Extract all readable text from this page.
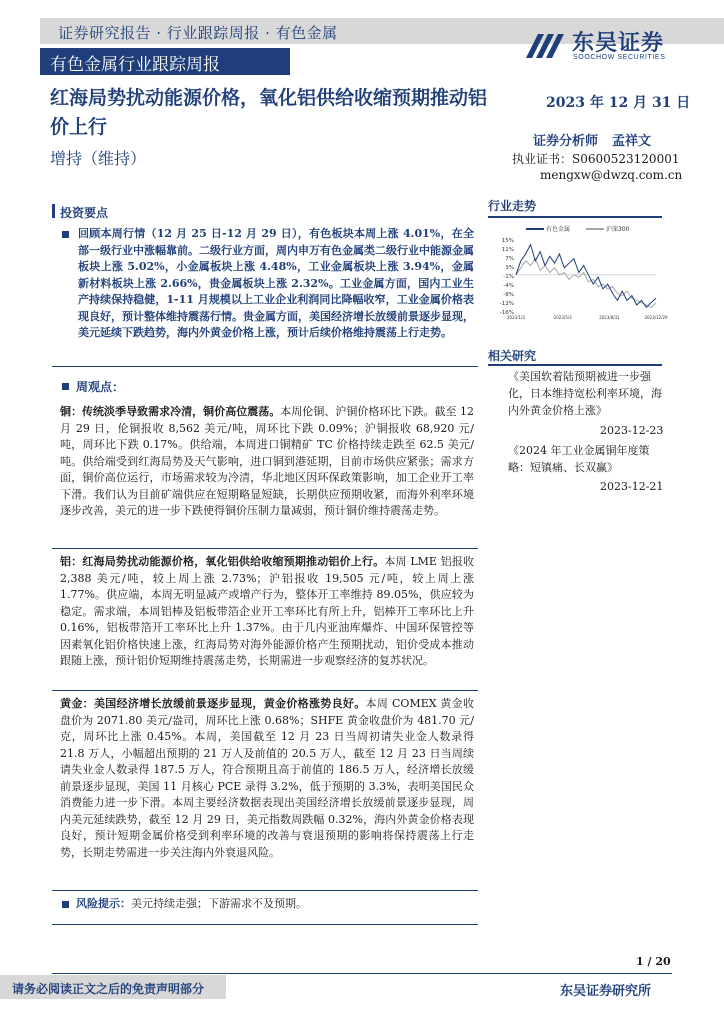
证券研究报告 · 行业跟踪周报 · 有色金属	东吴证券
SOOCHOW SECURITIES
有色金属行业跟踪周报
红海局势扰动能源价格，氧化铝供给收缩预期推动铝价上行
增持（维持）
2023 年 12 月 31 日
证券分析师 孟祥文
执业证书：S0600523120001
mengxw@dwzq.com.cn
投资要点
回顾本周行情（12 月 25 日-12 月 29 日），有色板块本周上涨 4.01%，在全部一级行业中涨幅靠前。二级行业方面，周内申万有色金属类二级行业中能源金属板块上涨 5.02%，小金属板块上涨 4.48%，工业金属板块上涨 3.94%，金属新材料板块上涨 2.66%，贵金属板块上涨 2.32%。工业金属方面，国内工业生产持续保持稳健，1-11 月规模以上工业企业利润同比降幅收窄，工业金属价格表现良好，预计整体维持震荡行情。贵金属方面，美国经济增长放缓前景逐步显现，美元延续下跌趋势，海内外黄金价格上涨，预计后续价格维持震荡上行走势。
周观点：
铜：传统淡季导致需求冷清，铜价高位震荡。本周伦铜、沪铜价格环比下跌。截至 12 月 29 日，伦铜报收 8,562 美元/吨，周环比下跌 0.09%；沪铜报收 68,920 元/吨，周环比下跌 0.17%。供给端，本周进口铜精矿 TC 价格持续走跌至 62.5 美元/吨。供给端受到红海局势及天气影响，进口铜到港延期，目前市场供应紧张；需求方面，铜价高位运行，市场需求较为冷清，华北地区因环保政策影响，加工企业开工率下滑。我们认为目前矿端供应在短期略显短缺，长期供应预期收紧，而海外利率环境逐步改善，美元的进一步下跌使得铜价压制力量减弱，预计铜价维持震荡走势。
铝：红海局势扰动能源价格，氧化铝供给收缩预期推动铝价上行。本周 LME 铝报收 2,388 美元/吨，较上周上涨 2.73%；沪铝报收 19,505 元/吨，较上周上涨 1.77%。供应端，本周无明显减产或增产行为，整体开工率维持 89.05%，供应较为稳定。需求端，本周铝棒及铝板带箔企业开工率环比有所上升，铝棒开工率环比上升 0.16%，铝板带箔开工率环比上升 1.37%。由于几内亚油库爆炸、中国环保管控等因素氧化铝价格快速上涨，红海局势对海外能源价格产生预期扰动，铝价受成本推动跟随上涨，预计铝价短期维持震荡走势，长期需进一步观察经济的复苏状况。
黄金：美国经济增长放缓前景逐步显现，黄金价格涨势良好。本周 COMEX 黄金收盘价为 2071.80 美元/盎司，周环比上涨 0.68%；SHFE 黄金收盘价为 481.70 元/克，周环比上涨 0.45%。本周，美国截至 12 月 23 日当周初请失业金人数录得 21.8 万人，小幅超出预期的 21 万人及前值的 20.5 万人，截至 12 月 23 日当周续请失业金人数录得 187.5 万人，符合预期且高于前值的 186.5 万人，经济增长放缓前景逐步显现，美国 11 月核心 PCE 录得 3.2%，低于预期的 3.3%，表明美国民众消费能力进一步下滑。本周主要经济数据表现出美国经济增长放缓前景逐步显现，周内美元延续跌势，截至 12 月 29 日，美元指数周跌幅 0.32%，海内外黄金价格表现良好，预计短期金属价格受到利率环境的改善与衰退预期的影响将保持震荡上行走势，长期走势需进一步关注海内外衰退风险。
风险提示：美元持续走强；下游需求不及预期。
行业走势
有色金属	沪深300
15%
11%
7%
3%
-1%
-4%
-8%
-12%
-16%
2023/1/3	2023/5/3	2023/8/31	2023/12/29
相关研究
《美国软着陆预期被进一步强化，日本维持宽松利率环境，海内外黄金价格上涨》
2023-12-23
《2024 年工业金属铜年度策略：短镇痛、长双赢》
2023-12-21
1 / 20
请务必阅读正文之后的免责声明部分	东吴证券研究所
